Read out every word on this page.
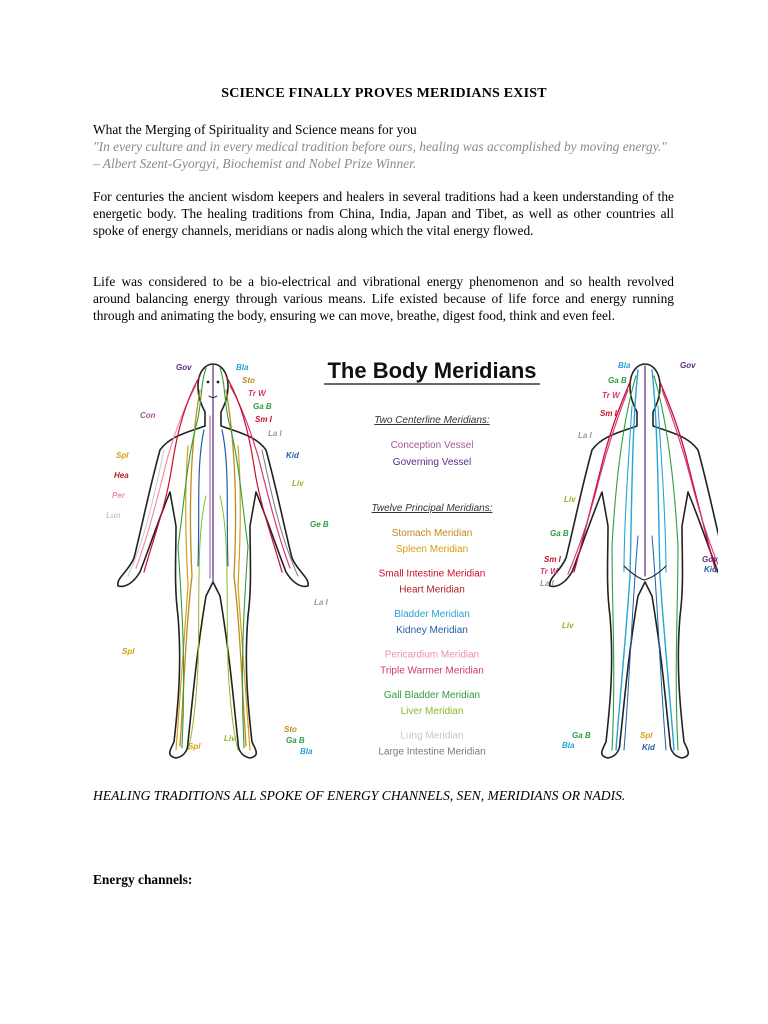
SCIENCE FINALLY PROVES MERIDIANS EXIST
What the Merging of Spirituality and Science means for you
"In every culture and in every medical tradition before ours, healing was accomplished by moving energy." – Albert Szent-Gyorgyi, Biochemist and Nobel Prize Winner.
For centuries the ancient wisdom keepers and healers in several traditions had a keen understanding of the energetic body. The healing traditions from China, India, Japan and Tibet, as well as other countries all spoke of energy channels, meridians or nadis along which the vital energy flowed.
Life was considered to be a bio-electrical and vibrational energy phenomenon and so health revolved around balancing energy through various means. Life existed because of life force and energy running through and animating the body, ensuring we can move, breathe, digest food, think and even feel.
Gov	Bla
Sto
Tr W
Ga B
Sm I
Con
La I
Kid
Spl
Hea
Liv
Per
Lun
Ge B
La I
Spl
Sto
Ga B
Liv
Spl
Bla
The Body Meridians
Two Centerline Meridians:
Conception Vessel
Governing Vessel
Twelve Principal Meridians:
Stomach Meridian
Spleen Meridian
Small Intestine Meridian
Heart Meridian
Bladder Meridian
Kidney Meridian
Pericardium Meridian
Triple Warmer Meridian
Gall Bladder Meridian
Liver Meridian
Lung Meridian
Large Intestine Meridian
Bla	Gov
Ga B
Tr W
Sm I
La I
Liv
Ga B
Sm I
Tr W
La I
Gov
Kid
Liv
Ga B
Bla
Spl
Kid
HEALING TRADITIONS ALL SPOKE OF ENERGY CHANNELS, SEN, MERIDIANS OR NADIS.
Energy channels:
